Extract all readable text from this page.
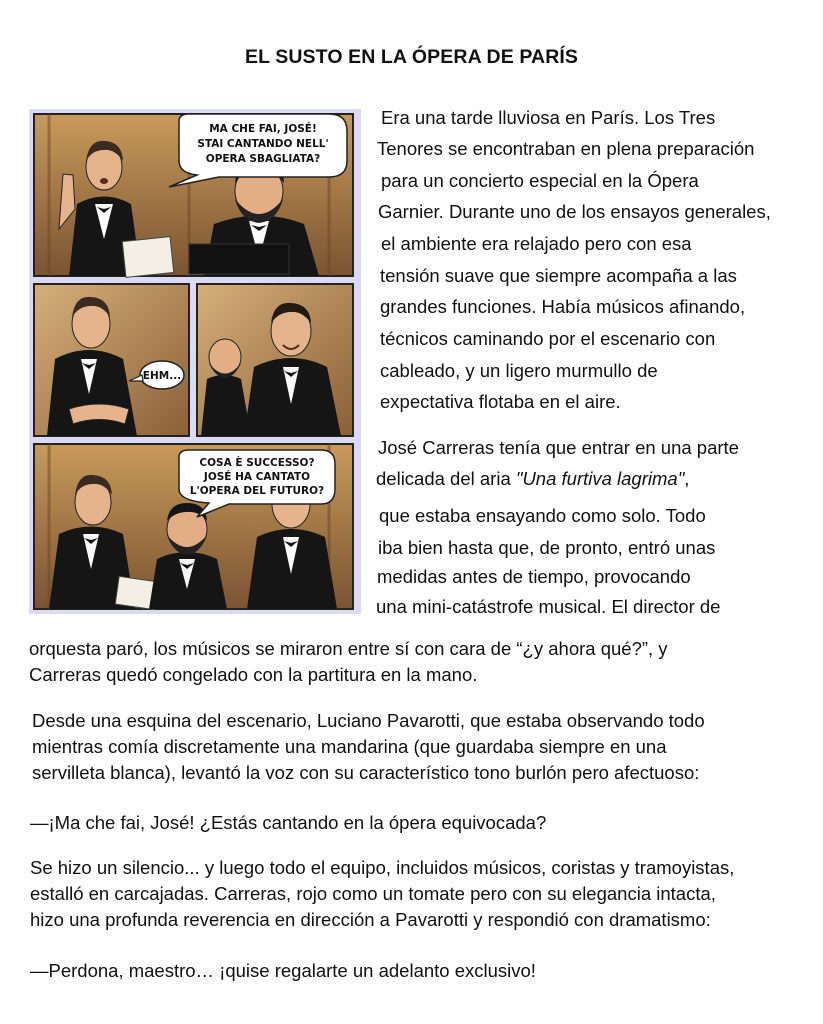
EL SUSTO EN LA ÓPERA DE PARÍS
MA CHE FAI, JOSÉ!
STAI CANTANDO NELL'
OPERA SBAGLIATA?
EHM...
COSA È SUCCESSO?
JOSÉ HA CANTATO
L'OPERA DEL FUTURO?
Era una tarde lluviosa en París. Los Tres
Tenores se encontraban en plena preparación
para un concierto especial en la Ópera
Garnier. Durante uno de los ensayos generales,
el ambiente era relajado pero con esa
tensión suave que siempre acompaña a las
grandes funciones. Había músicos afinando,
técnicos caminando por el escenario con
cableado, y un ligero murmullo de
expectativa flotaba en el aire.
José Carreras tenía que entrar en una parte
delicada del aria "Una furtiva lagrima",
que estaba ensayando como solo. Todo
iba bien hasta que, de pronto, entró unas
medidas antes de tiempo, provocando
una mini-catástrofe musical. El director de
orquesta paró, los músicos se miraron entre sí con cara de “¿y ahora qué?”, y
Carreras quedó congelado con la partitura en la mano.
Desde una esquina del escenario, Luciano Pavarotti, que estaba observando todo
mientras comía discretamente una mandarina (que guardaba siempre en una
servilleta blanca), levantó la voz con su característico tono burlón pero afectuoso:
—¡Ma che fai, José! ¿Estás cantando en la ópera equivocada?
Se hizo un silencio... y luego todo el equipo, incluidos músicos, coristas y tramoyistas,
estalló en carcajadas. Carreras, rojo como un tomate pero con su elegancia intacta,
hizo una profunda reverencia en dirección a Pavarotti y respondió con dramatismo:
—Perdona, maestro… ¡quise regalarte un adelanto exclusivo!
